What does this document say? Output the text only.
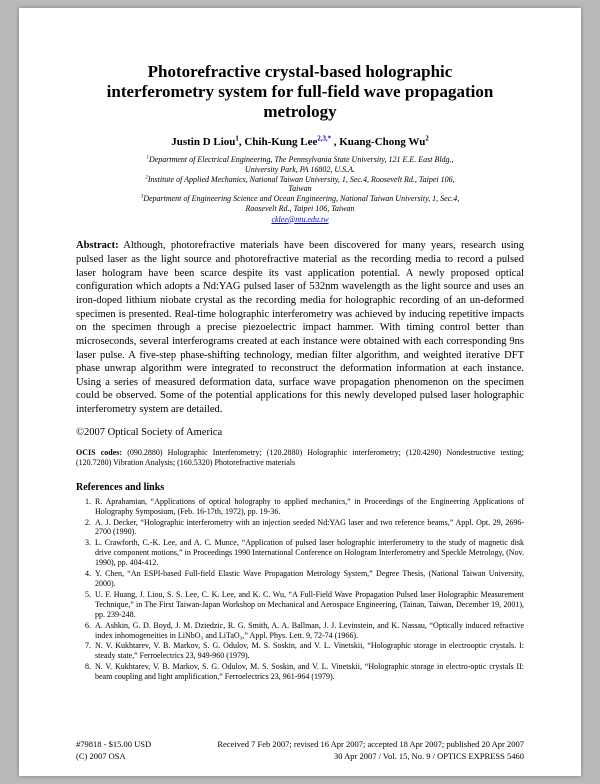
Photorefractive crystal-based holographic interferometry system for full-field wave propagation metrology
Justin D Liou$^1$, Chih-Kung Lee$^{2,3,*}$ , Kuang-Chong Wu$^2$
$^1$Department of Electrical Engineering, The Pennsylvania State University, 121 E.E. East Bldg., University Park, PA 16802, U.S.A.
$^2$Institute of Applied Mechanics, National Taiwan University, 1, Sec.4, Roosevelt Rd., Taipei 106, Taiwan
$^3$Department of Engineering Science and Ocean Engineering, National Taiwan University, 1, Sec.4, Roosevelt Rd., Taipei 106, Taiwan
cklee@ntu.edu.tw

Abstract: Although, photorefractive materials have been discovered for many years, research using pulsed laser as the light source and photorefractive material as the recording media to record a pulsed laser hologram have been scarce despite its vast application potential. A newly proposed optical configuration which adopts a Nd:YAG pulsed laser of 532nm wavelength as the light source and uses an iron-doped lithium niobate crystal as the recording media for holographic recording of an un-deformed specimen is presented. Real-time holographic interferometry was achieved by inducing repetitive impacts on the specimen through a precise piezoelectric impact hammer. With timing control better than microseconds, several interferograms created at each instance were obtained with each corresponding 9ns laser pulse. A five-step phase-shifting technology, median filter algorithm, and weighted iterative DFT phase unwrap algorithm were integrated to reconstruct the deformation information at each instance. Using a series of measured deformation data, surface wave propagation phenomenon on the specimen could be observed. Some of the potential applications for this newly developed pulsed laser holographic interferometry system are detailed.

©2007 Optical Society of America

OCIS codes: (090.2880) Holographic Interferometry; (120.2880) Holographic interferometry; (120.4290) Nondestructive testing; (120.7280) Vibration Analysis; (160.5320) Photorefractive materials

References and links
1. R. Aprahamian, “Applications of optical holography to applied mechanics,” in Proceedings of the Engineering Applications of Holography Symposium, (Feb. 16-17th, 1972), pp. 19-36.
2. A. J. Decker, “Holographic interferometry with an injection seeded Nd:YAG laser and two reference beams,” Appl. Opt. 29, 2696-2700 (1990).
3. L. Crawforth, C.-K. Lee, and A. C. Munce, “Application of pulsed laser holographic interferometry to the study of magnetic disk drive component motions,” in Proceedings 1990 International Conference on Hologram Interferometry and Speckle Metrology, (Nov. 1990), pp. 404-412.
4. Y. Chen, “An ESPI-based Full-field Elastic Wave Propagation Metrology System,” Degree Thesis, (National Taiwan University, 2000).
5. U. F. Huang, J. Liou, S. S. Lee, C. K. Lee, and K. C. Wu, “A Full-Field Wave Propagation Pulsed laser Holographic Measurement Technique,” in The First Taiwan-Japan Workshop on Mechanical and Aerospace Engineering, (Tainan, Taiwan, December 19, 2001), pp. 239-248.
6. A. Ashkin, G. D. Boyd, J. M. Dziedzic, R. G. Smith, A. A. Ballman, J. J. Levinstein, and K. Nassau, “Optically induced refractive index inhomogeneities in LiNbO₃ and LiTaO₃,” Appl. Phys. Lett. 9, 72-74 (1966).
7. N. V. Kukhtarev, V. B. Markov, S. G. Odulov, M. S. Soskin, and V. L. Vinetskii, “Holographic storage in electrooptic crystals. I: steady state,” Ferroelectrics 23, 949-960 (1979).
8. N. V. Kukhtarev, V. B. Markov, S. G. Odulov, M. S. Soskin, and V. L. Vinetskii, “Holographic storage in electro-optic crystals II: beam coupling and light amplification,” Ferroelectrics 23, 961-964 (1979).
#79818 - $15.00 USD	Received 7 Feb 2007; revised 16 Apr 2007; accepted 18 Apr 2007; published 20 Apr 2007
(C) 2007 OSA	30 Apr 2007 / Vol. 15, No. 9 / OPTICS EXPRESS 5460
